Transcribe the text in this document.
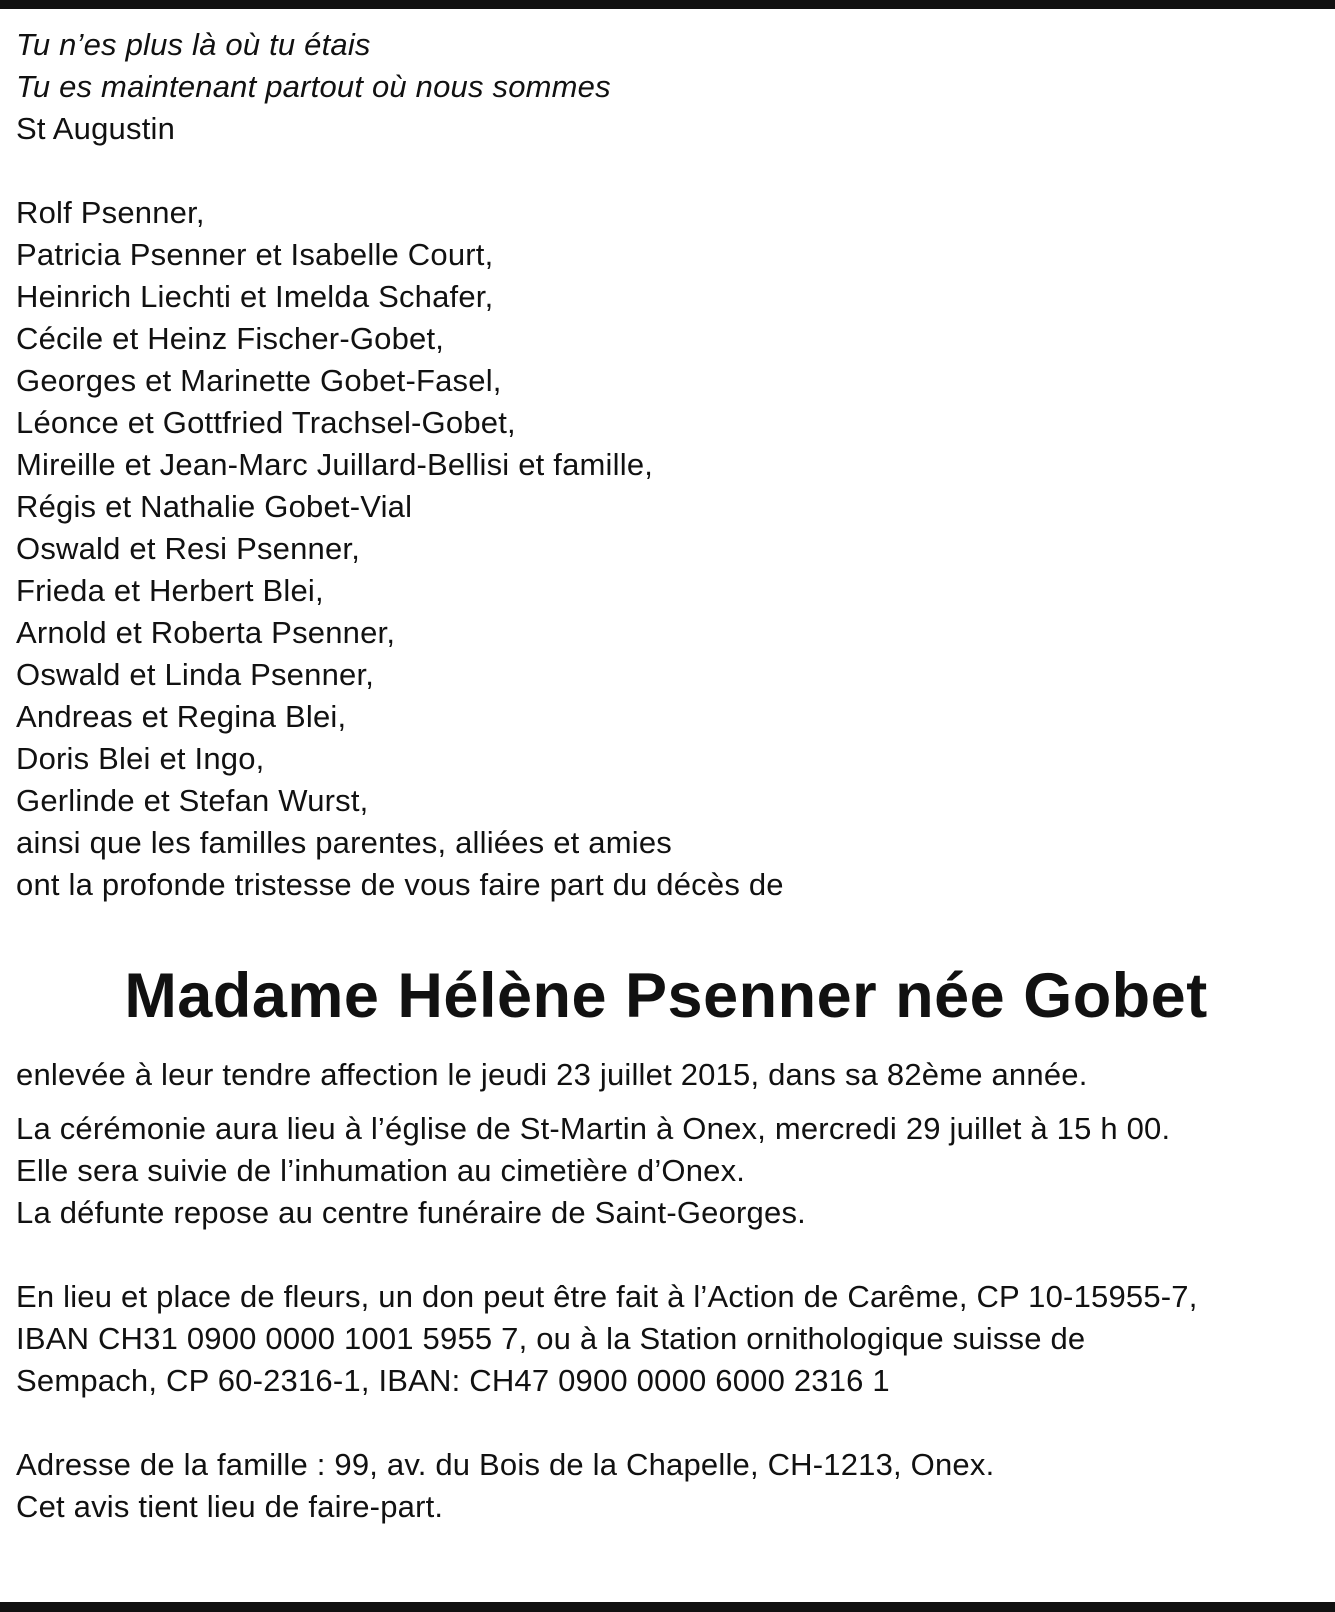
Tu n’es plus là où tu étais
Tu es maintenant partout où nous sommes
St Augustin
Rolf Psenner,
Patricia Psenner et Isabelle Court,
Heinrich Liechti et Imelda Schafer,
Cécile et Heinz Fischer-Gobet,
Georges et Marinette Gobet-Fasel,
Léonce et Gottfried Trachsel-Gobet,
Mireille et Jean-Marc Juillard-Bellisi et famille,
Régis et Nathalie Gobet-Vial
Oswald et Resi Psenner,
Frieda et Herbert Blei,
Arnold et Roberta Psenner,
Oswald et Linda Psenner,
Andreas et Regina Blei,
Doris Blei et Ingo,
Gerlinde et Stefan Wurst,
ainsi que les familles parentes, alliées et amies
ont la profonde tristesse de vous faire part du décès de
Madame Hélène Psenner née Gobet
enlevée à leur tendre affection le jeudi 23 juillet 2015, dans sa 82ème année.
La cérémonie aura lieu à l’église de St-Martin à Onex, mercredi 29 juillet à 15 h 00.
Elle sera suivie de l’inhumation au cimetière d’Onex.
La défunte repose au centre funéraire de Saint-Georges.
En lieu et place de fleurs, un don peut être fait à l’Action de Carême, CP 10-15955-7,
IBAN CH31 0900 0000 1001 5955 7, ou à la Station ornithologique suisse de
Sempach, CP 60-2316-1, IBAN: CH47 0900 0000 6000 2316 1
Adresse de la famille : 99, av. du Bois de la Chapelle, CH-1213, Onex.
Cet avis tient lieu de faire-part.
